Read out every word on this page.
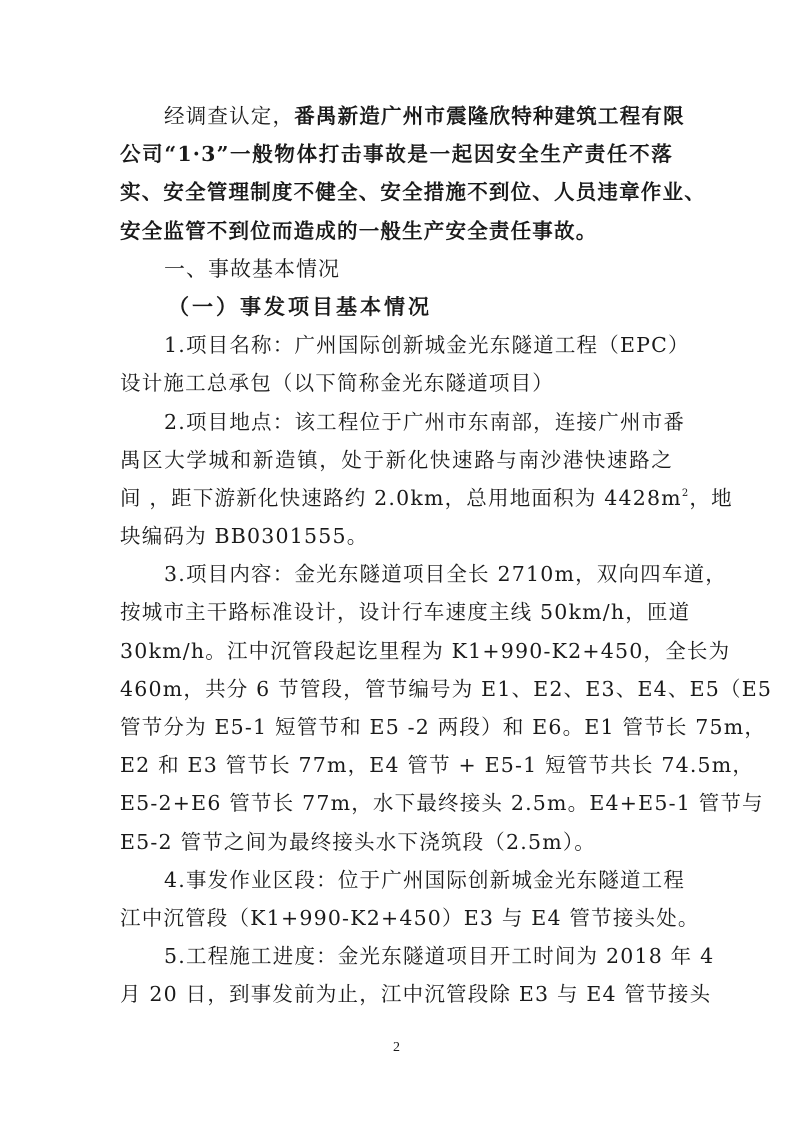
经调查认定，番禺新造广州市震隆欣特种建筑工程有限
公司“1·3”一般物体打击事故是一起因安全生产责任不落
实、安全管理制度不健全、安全措施不到位、人员违章作业、
安全监管不到位而造成的一般生产安全责任事故。
一、事故基本情况
（一）事发项目基本情况
1.项目名称：广州国际创新城金光东隧道工程（EPC）
设计施工总承包（以下简称金光东隧道项目）
2.项目地点：该工程位于广州市东南部，连接广州市番
禺区大学城和新造镇，处于新化快速路与南沙港快速路之
间 ，距下游新化快速路约 2.0km，总用地面积为 $4428m^2$，地
块编码为 BB0301555。
3.项目内容：金光东隧道项目全长 2710m，双向四车道，
按城市主干路标准设计，设计行车速度主线 50km/h，匝道
30km/h。江中沉管段起讫里程为 K1+990-K2+450，全长为
460m，共分 6 节管段，管节编号为 E1、E2、E3、E4、E5（E5
管节分为 E5-1 短管节和 E5 -2 两段）和 E6。E1 管节长 75m，
E2 和 E3 管节长 77m，E4 管节 + E5-1 短管节共长 74.5m，
E5-2+E6 管节长 77m，水下最终接头 2.5m。E4+E5-1 管节与
E5-2 管节之间为最终接头水下浇筑段（2.5m）。
4.事发作业区段：位于广州国际创新城金光东隧道工程
江中沉管段（K1+990-K2+450）E3 与 E4 管节接头处。
5.工程施工进度：金光东隧道项目开工时间为 2018 年 4
月 20 日，到事发前为止，江中沉管段除 E3 与 E4 管节接头
2
